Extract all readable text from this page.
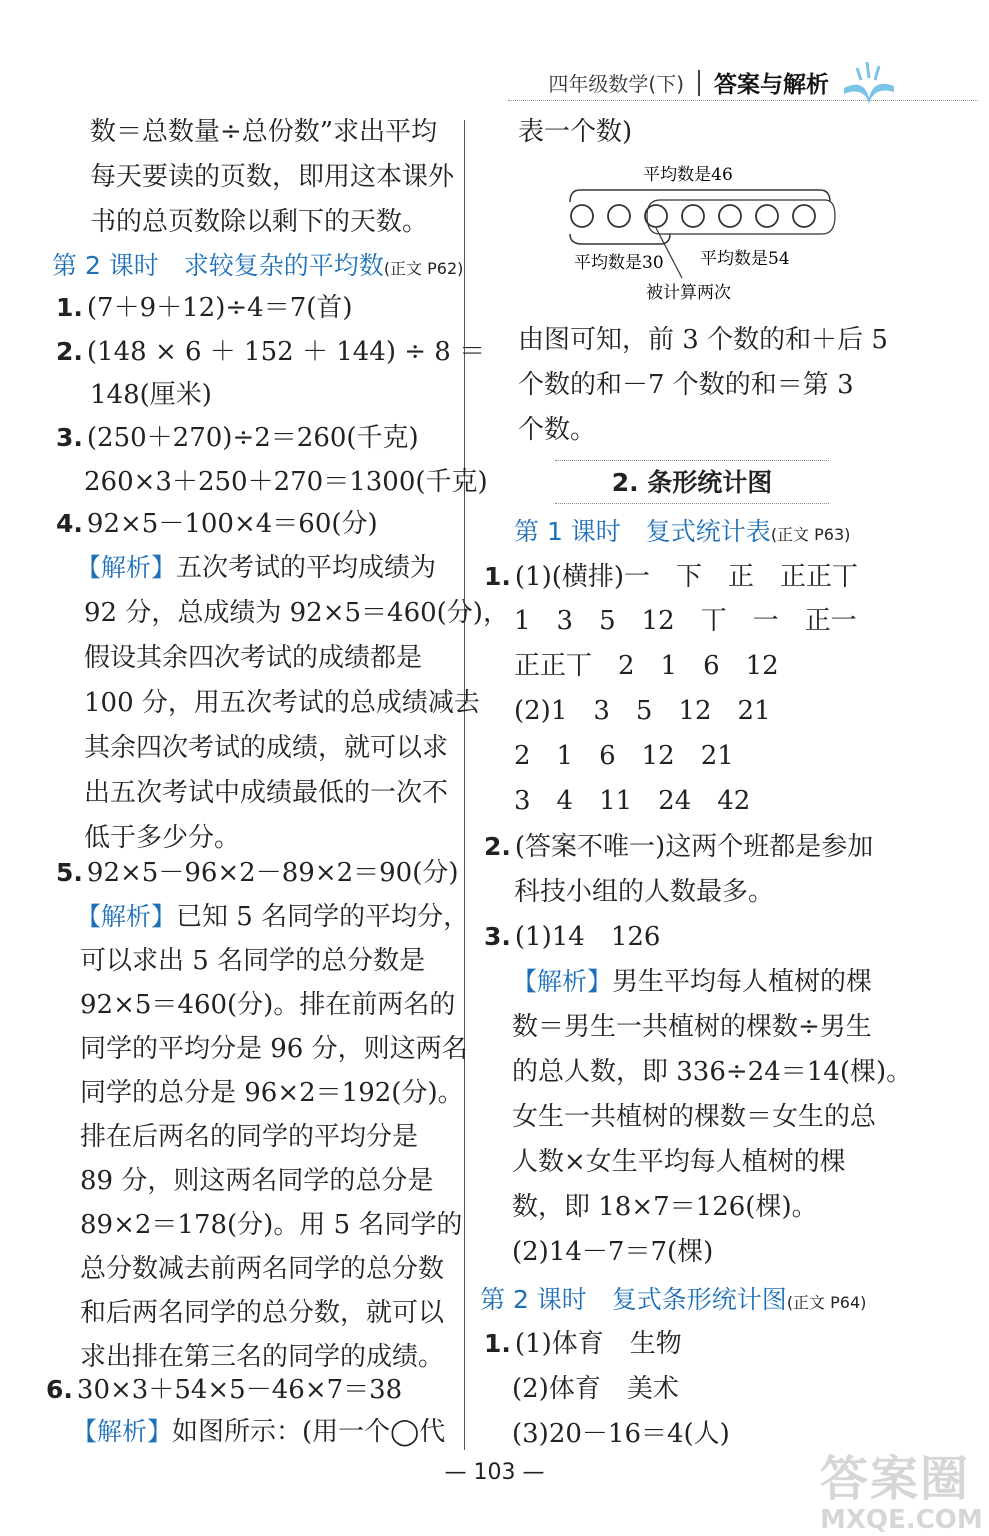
四年级数学(下) 答案与解析
数＝总数量÷总份数”求出平均
每天要读的页数，即用这本课外
书的总页数除以剩下的天数。
第 2 课时　求较复杂的平均数(正文 P62)
1. (7＋9＋12)÷4＝7(首)
2. (148 × 6 ＋ 152 ＋ 144) ÷ 8 ＝
148(厘米)
3. (250＋270)÷2＝260(千克)
260×3＋250＋270＝1300(千克)
4. 92×5－100×4＝60(分)
【解析】五次考试的平均成绩为
92 分，总成绩为 92×5＝460(分)，
假设其余四次考试的成绩都是
100 分，用五次考试的总成绩减去
其余四次考试的成绩，就可以求
出五次考试中成绩最低的一次不
低于多少分。
5. 92×5－96×2－89×2＝90(分)
【解析】已知 5 名同学的平均分，
可以求出 5 名同学的总分数是
92×5＝460(分)。排在前两名的
同学的平均分是 96 分，则这两名
同学的总分是 96×2＝192(分)。
排在后两名的同学的平均分是
89 分，则这两名同学的总分是
89×2＝178(分)。用 5 名同学的
总分数减去前两名同学的总分数
和后两名同学的总分数，就可以
求出排在第三名的同学的成绩。
6. 30×3＋54×5－46×7＝38
【解析】如图所示：(用一个◯代
表一个数)
平均数是46
平均数是30 平均数是54
被计算两次
由图可知，前 3 个数的和＋后 5
个数的和－7 个数的和＝第 3
个数。
2. 条形统计图
第 1 课时　复式统计表(正文 P63)
1. (1)(横排)一　下　正　正正丅
1　3　5　12　丅　一　正一
正正丅　2　1　6　12
(2)1　3　5　12　21
2　1　6　12　21
3　4　11　24　42
2. (答案不唯一)这两个班都是参加
科技小组的人数最多。
3. (1)14　126
【解析】男生平均每人植树的棵
数＝男生一共植树的棵数÷男生
的总人数，即 336÷24＝14(棵)。
女生一共植树的棵数＝女生的总
人数×女生平均每人植树的棵
数，即 18×7＝126(棵)。
(2)14－7＝7(棵)
第 2 课时　复式条形统计图(正文 P64)
1. (1)体育　生物
(2)体育　美术
(3)20－16＝4(人)
— 103 —	答案圈
MXQE.COM
